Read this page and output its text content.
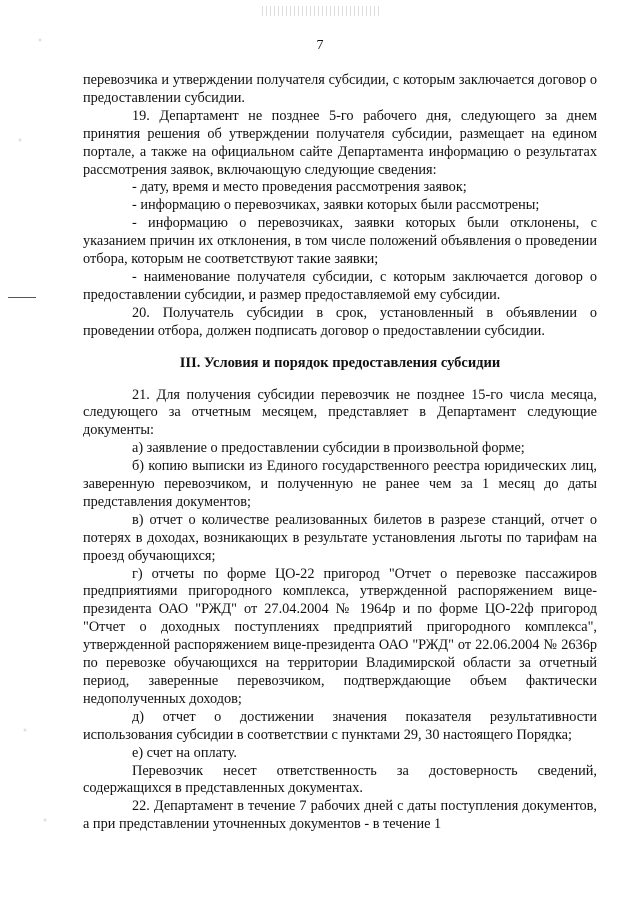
7

перевозчика и утверждении получателя субсидии, с которым заключается договор о предоставлении субсидии.

19. Департамент не позднее 5-го рабочего дня, следующего за днем принятия решения об утверждении получателя субсидии, размещает на едином портале, а также на официальном сайте Департамента информацию о результатах рассмотрения заявок, включающую следующие сведения:

- дату, время и место проведения рассмотрения заявок;

- информацию о перевозчиках, заявки которых были рассмотрены;

- информацию о перевозчиках, заявки которых были отклонены, с указанием причин их отклонения, в том числе положений объявления о проведении отбора, которым не соответствуют такие заявки;

- наименование получателя субсидии, с которым заключается договор о предоставлении субсидии, и размер предоставляемой ему субсидии.

20. Получатель субсидии в срок, установленный в объявлении о проведении отбора, должен подписать договор о предоставлении субсидии.

III. Условия и порядок предоставления субсидии

21. Для получения субсидии перевозчик не позднее 15-го числа месяца, следующего за отчетным месяцем, представляет в Департамент следующие документы:

а) заявление о предоставлении субсидии в произвольной форме;

б) копию выписки из Единого государственного реестра юридических лиц, заверенную перевозчиком, и полученную не ранее чем за 1 месяц до даты представления документов;

в) отчет о количестве реализованных билетов в разрезе станций, отчет о потерях в доходах, возникающих в результате установления льготы по тарифам на проезд обучающихся;

г) отчеты по форме ЦО-22 пригород "Отчет о перевозке пассажиров предприятиями пригородного комплекса, утвержденной распоряжением вице-президента ОАО "РЖД" от 27.04.2004 № 1964р и по форме ЦО-22ф пригород "Отчет о доходных поступлениях предприятий пригородного комплекса", утвержденной распоряжением вице-президента ОАО "РЖД" от 22.06.2004 № 2636р по перевозке обучающихся на территории Владимирской области за отчетный период, заверенные перевозчиком, подтверждающие объем фактически недополученных доходов;

д) отчет о достижении значения показателя результативности использования субсидии в соответствии с пунктами 29, 30 настоящего Порядка;

е) счет на оплату.

Перевозчик несет ответственность за достоверность сведений, содержащихся в представленных документах.

22. Департамент в течение 7 рабочих дней с даты поступления документов, а при представлении уточненных документов - в течение 1
